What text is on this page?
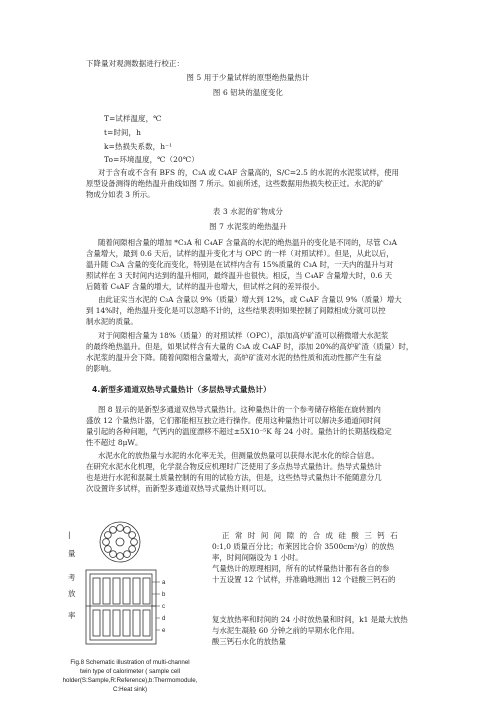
下降量对观测数据进行校正：

图 5 用于少量试样的原型绝热量热计

图 6 铝块的温度变化

T=试样温度，℃

t=时间，h

k=热损失系数，h⁻¹

To=环境温度，℃（20℃）

对于含有或不含有 BFS 的，C₃A 或 C₄AF 含量高的，S/C=2.5 的水泥的水泥浆试样，使用
原型设备测得的绝热温升曲线如图 7 所示。如前所述，这些数据用热损失校正过。水泥的矿
物成分如表 3 所示。

表 3 水泥的矿物成分

图 7 水泥浆的绝热温升

随着间隙相含量的增加 *C₃A 和 C₄AF 含量高的水泥的绝热温升的变化是不同的，尽管 C₃A
含量增大，最到 0.6 天后，试样的温升变化才与 OPC 的一样（对照试样）。但是，从此以后，
温升随 C₃A 含量的变化而变化，特别是在试样内含有 15%质量的 C₃A 时，一天内的温升与对
照试样在 3 天时间内达到的温升相同，最终温升也很快。相反，当 C₄AF 含量增大时，0.6 天
后随着 C₄AF 含量的增大，试样的温升也增大，但试样之间的差异很小。
由此证实当水泥的 C₃A 含量以 9%（质量）增大到 12%，或 C₄AF 含量以 9%（质量）增大
到 14%时，绝热温升变化是可以忽略不计的，这些结果表明如果控制了间隙相成分就可以控
制水泥的质量。
对于间隙相含量为 18%（质量）的对照试样（OPC），添加高炉矿渣可以稍微增大水泥浆
的最终绝热温升。但是，如果试样含有大量的 C₃A 或 C₄AF 时，添加 20%的高炉矿渣（质量）时，
水泥浆的温升会下降。随着间隙相含量增大，高炉矿渣对水泥的热性质和流动性都产生有益
的影响。

4.新型多通道双热导式量热计（多层热导式量热计）

图 8 显示的是新型多通道双热导式量热计。这种量热计的一个参考储存格能在旋转圆内
盛放 12 个量热计器，它们都能相互独立进行操作。使用这种量热计可以解决多通道间时间
量引起的各种问题，气钙内的温度漂移不超过±5X10⁻⁵K 每 24 小时。量热计的长期基线稳定
性不超过 8μW。
水泥水化的放热量与水泥的水化率无关，但测量放热量可以获得水泥水化的综合信息。
在研究水泥水化机理，化学混合物反应机理时广泛使用了多点热导式量热计。热导式量热计
也是进行水泥和混凝土质量控制的有用的试验方法，但是，这些热导式量热计不能随意分几
次设置许多试样，而新型多通道双热导式量热计则可以。
|
量
考
放
率
a
b
c
d
e

Fig.8 Schematic illustration of multi-channel

twin type of calorimeter ( sample cell

holder(S:Sample,R:Reference),b:Thermomodule,

C:Heat sink)

正 常 时 间 间 隙 的 合 成 硅 酸 三 钙 石
0:1,0 质量百分比；布莱因比合价 3500cm²/g）的放热
率，时间间隔设为 1 小时。
气量热计的原理相同，所有的试样量热计都有各自的参
十五设置 12 个试样，并准确地测出 12 个硅酸三钙石的
复支放热率和时间的 24 小时放热量和时间，k1 是最大放热
与水泥生凝般 60 分钟之前的早期水化作用。
酸三钙石水化的放热量
